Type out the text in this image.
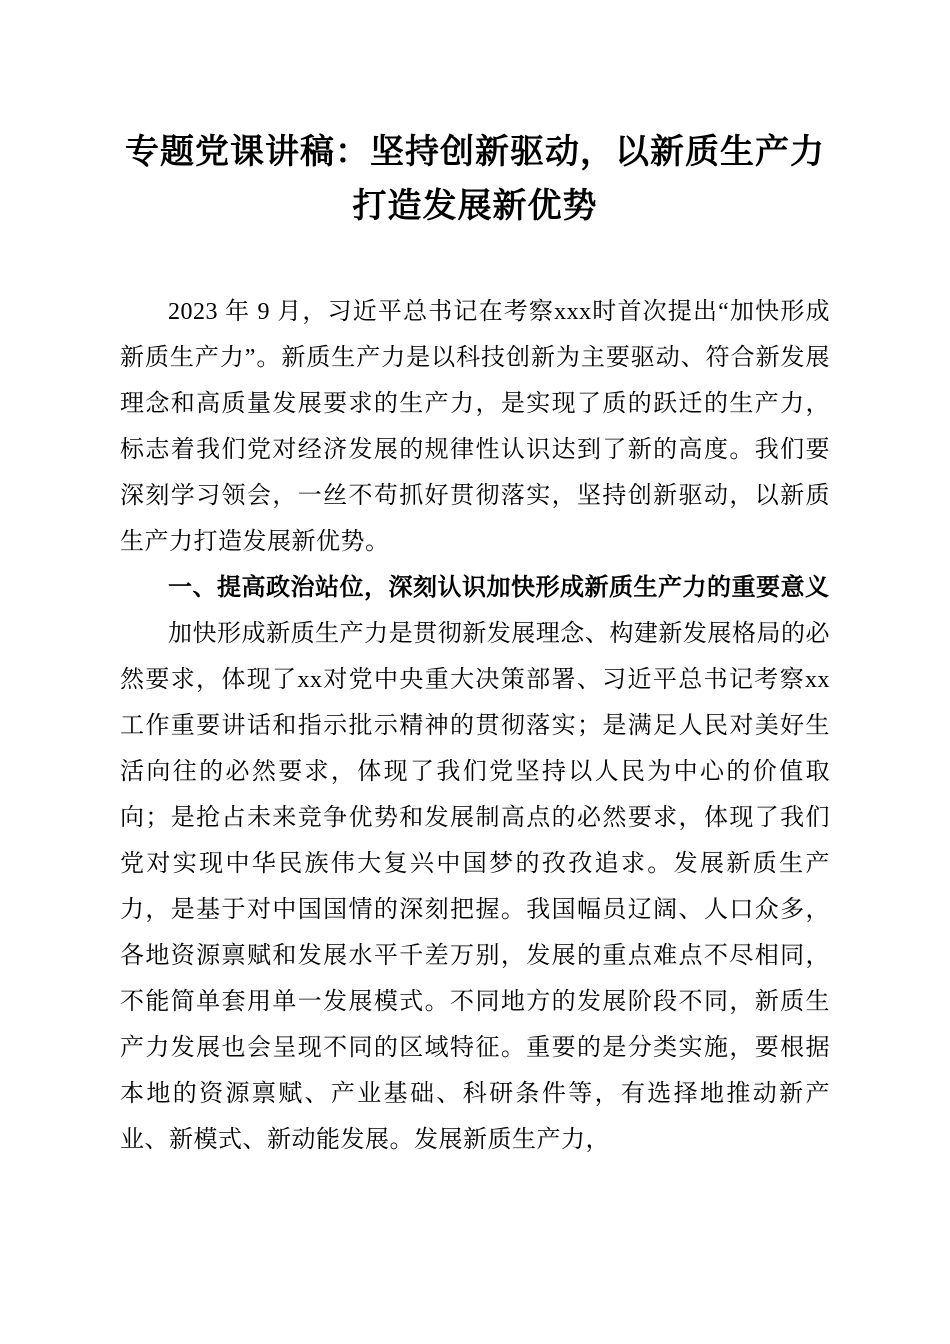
专题党课讲稿：坚持创新驱动，以新质生产力
打造发展新优势

2023 年 9 月，习近平总书记在考察xxx时首次提出“加快形成新质生产力”。新质生产力是以科技创新为主要驱动、符合新发展理念和高质量发展要求的生产力，是实现了质的跃迁的生产力，标志着我们党对经济发展的规律性认识达到了新的高度。我们要深刻学习领会，一丝不苟抓好贯彻落实，坚持创新驱动，以新质生产力打造发展新优势。

一、提高政治站位，深刻认识加快形成新质生产力的重要意义

加快形成新质生产力是贯彻新发展理念、构建新发展格局的必然要求，体现了xx对党中央重大决策部署、习近平总书记考察xx工作重要讲话和指示批示精神的贯彻落实；是满足人民对美好生活向往的必然要求，体现了我们党坚持以人民为中心的价值取向；是抢占未来竞争优势和发展制高点的必然要求，体现了我们党对实现中华民族伟大复兴中国梦的孜孜追求。发展新质生产力，是基于对中国国情的深刻把握。我国幅员辽阔、人口众多，各地资源禀赋和发展水平千差万别，发展的重点难点不尽相同，不能简单套用单一发展模式。不同地方的发展阶段不同，新质生产力发展也会呈现不同的区域特征。重要的是分类实施，要根据本地的资源禀赋、产业基础、科研条件等，有选择地推动新产业、新模式、新动能发展。发展新质生产力，
